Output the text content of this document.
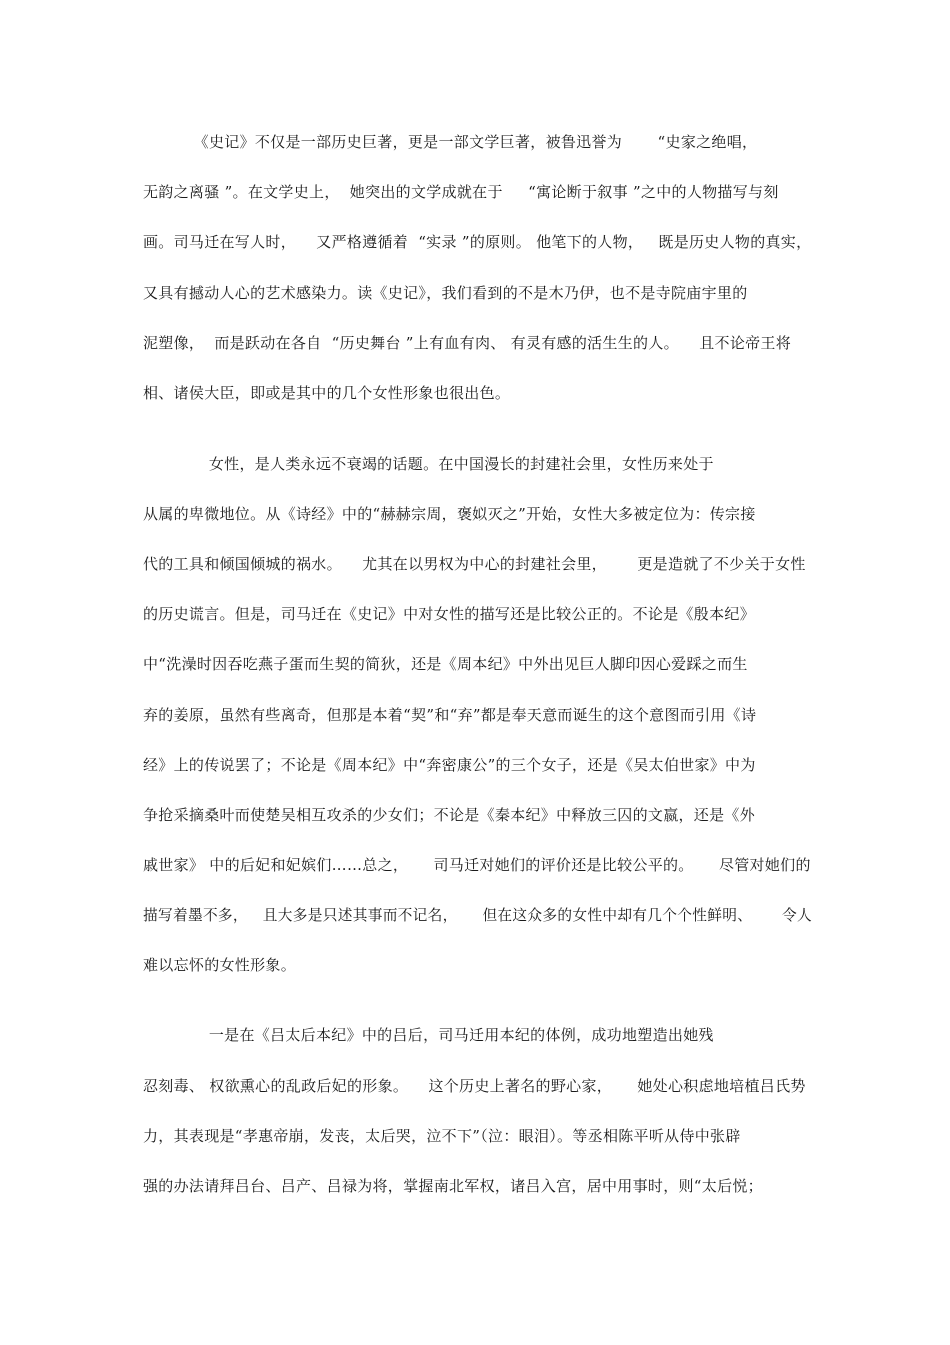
《史记》不仅是一部历史巨著，更是一部文学巨著，被鲁迅誉为       “史家之绝唱，
无韵之离骚 ”。在文学史上，  她突出的文学成就在于     “寓论断于叙事 ”之中的人物描写与刻
画。司马迁在写人时，    又严格遵循着  “实录 ”的原则。 他笔下的人物，   既是历史人物的真实，
又具有撼动人心的艺术感染力。读《史记》，我们看到的不是木乃伊，也不是寺院庙宇里的
泥塑像，  而是跃动在各自  “历史舞台 ”上有血有肉、 有灵有感的活生生的人。    且不论帝王将
相、诸侯大臣，即或是其中的几个女性形象也很出色。
女性，是人类永远不衰竭的话题。在中国漫长的封建社会里，女性历来处于
从属的卑微地位。从《诗经》中的“赫赫宗周，褒姒灭之”开始，女性大多被定位为：传宗接
代的工具和倾国倾城的祸水。    尤其在以男权为中心的封建社会里，      更是造就了不少关于女性
的历史谎言。但是，司马迁在《史记》中对女性的描写还是比较公正的。不论是《殷本纪》
中“洗澡时因吞吃燕子蛋而生契的简狄，还是《周本纪》中外出见巨人脚印因心爱踩之而生
弃的姜原，虽然有些离奇，但那是本着“契”和“弃”都是奉天意而诞生的这个意图而引用《诗
经》上的传说罢了；不论是《周本纪》中“奔密康公”的三个女子，还是《吴太伯世家》中为
争抢采摘桑叶而使楚吴相互攻杀的少女们；不论是《秦本纪》中释放三囚的文嬴，还是《外
戚世家》 中的后妃和妃嫔们……总之，     司马迁对她们的评价还是比较公平的。     尽管对她们的
描写着墨不多，   且大多是只述其事而不记名，     但在这众多的女性中却有几个个性鲜明、      令人
难以忘怀的女性形象。
一是在《吕太后本纪》中的吕后，司马迁用本纪的体例，成功地塑造出她残
忍刻毒、 权欲熏心的乱政后妃的形象。    这个历史上著名的野心家，     她处心积虑地培植吕氏势
力，其表现是“孝惠帝崩，发丧，太后哭，泣不下”（泣：眼泪）。等丞相陈平听从侍中张辟
强的办法请拜吕台、吕产、吕禄为将，掌握南北军权，诸吕入宫，居中用事时，则“太后悦；
